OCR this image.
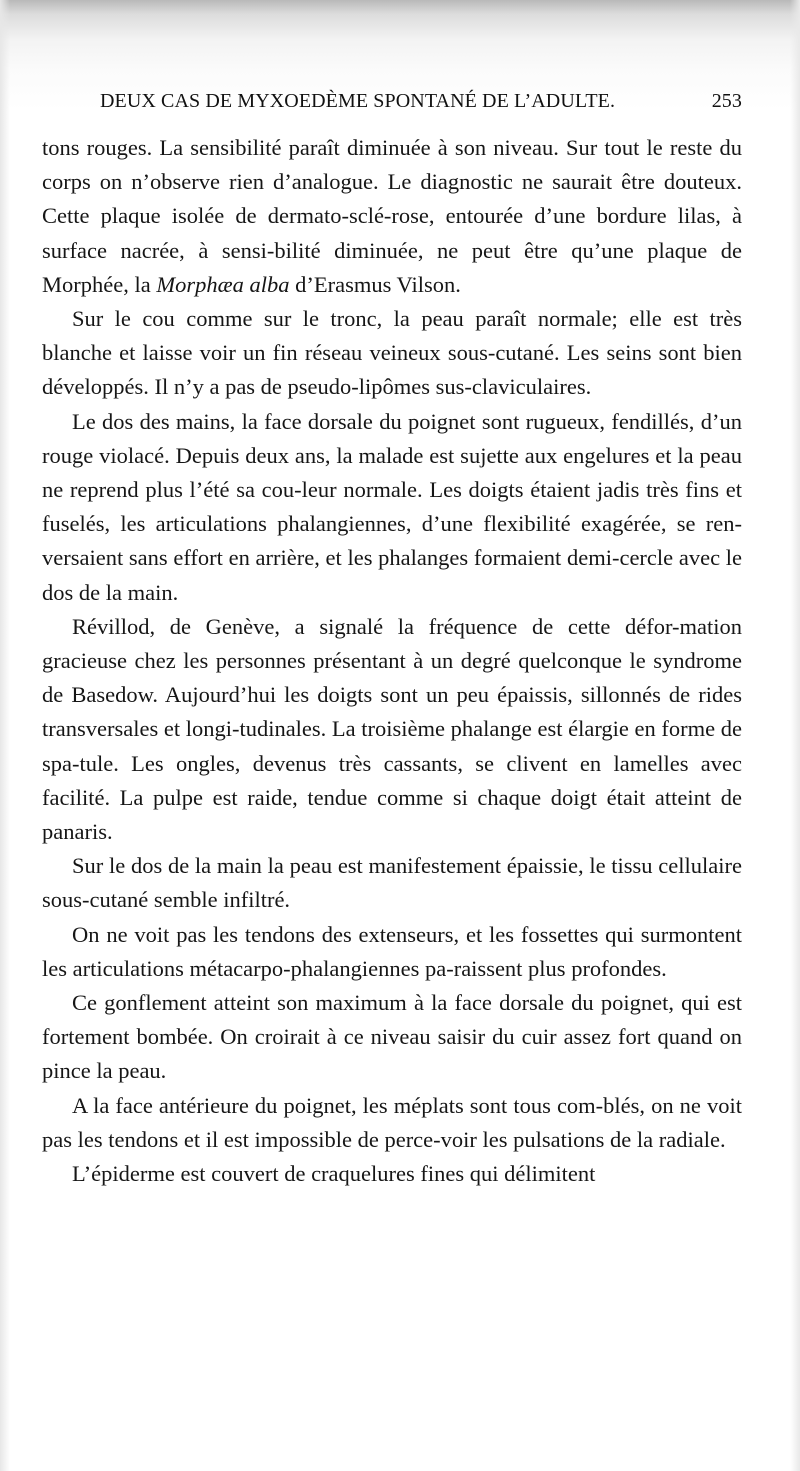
DEUX CAS DE MYXOEDÈME SPONTANÉ DE L’ADULTE.	253

tons rouges. La sensibilité paraît diminuée à son niveau. Sur tout le reste du corps on n’observe rien d’analogue. Le diagnostic ne saurait être douteux. Cette plaque isolée de dermato-sclé-rose, entourée d’une bordure lilas, à surface nacrée, à sensi-bilité diminuée, ne peut être qu’une plaque de Morphée, la Morphæa alba d’Erasmus Vilson.

Sur le cou comme sur le tronc, la peau paraît normale; elle est très blanche et laisse voir un fin réseau veineux sous-cutané. Les seins sont bien développés. Il n’y a pas de pseudo-lipômes sus-claviculaires.

Le dos des mains, la face dorsale du poignet sont rugueux, fendillés, d’un rouge violacé. Depuis deux ans, la malade est sujette aux engelures et la peau ne reprend plus l’été sa cou-leur normale. Les doigts étaient jadis très fins et fuselés, les articulations phalangiennes, d’une flexibilité exagérée, se ren-versaient sans effort en arrière, et les phalanges formaient demi-cercle avec le dos de la main.

Révillod, de Genève, a signalé la fréquence de cette défor-mation gracieuse chez les personnes présentant à un degré quelconque le syndrome de Basedow. Aujourd’hui les doigts sont un peu épaissis, sillonnés de rides transversales et longi-tudinales. La troisième phalange est élargie en forme de spa-tule. Les ongles, devenus très cassants, se clivent en lamelles avec facilité. La pulpe est raide, tendue comme si chaque doigt était atteint de panaris.

Sur le dos de la main la peau est manifestement épaissie, le tissu cellulaire sous-cutané semble infiltré.

On ne voit pas les tendons des extenseurs, et les fossettes qui surmontent les articulations métacarpo-phalangiennes pa-raissent plus profondes.

Ce gonflement atteint son maximum à la face dorsale du poignet, qui est fortement bombée. On croirait à ce niveau saisir du cuir assez fort quand on pince la peau.

A la face antérieure du poignet, les méplats sont tous com-blés, on ne voit pas les tendons et il est impossible de perce-voir les pulsations de la radiale.

L’épiderme est couvert de craquelures fines qui délimitent
